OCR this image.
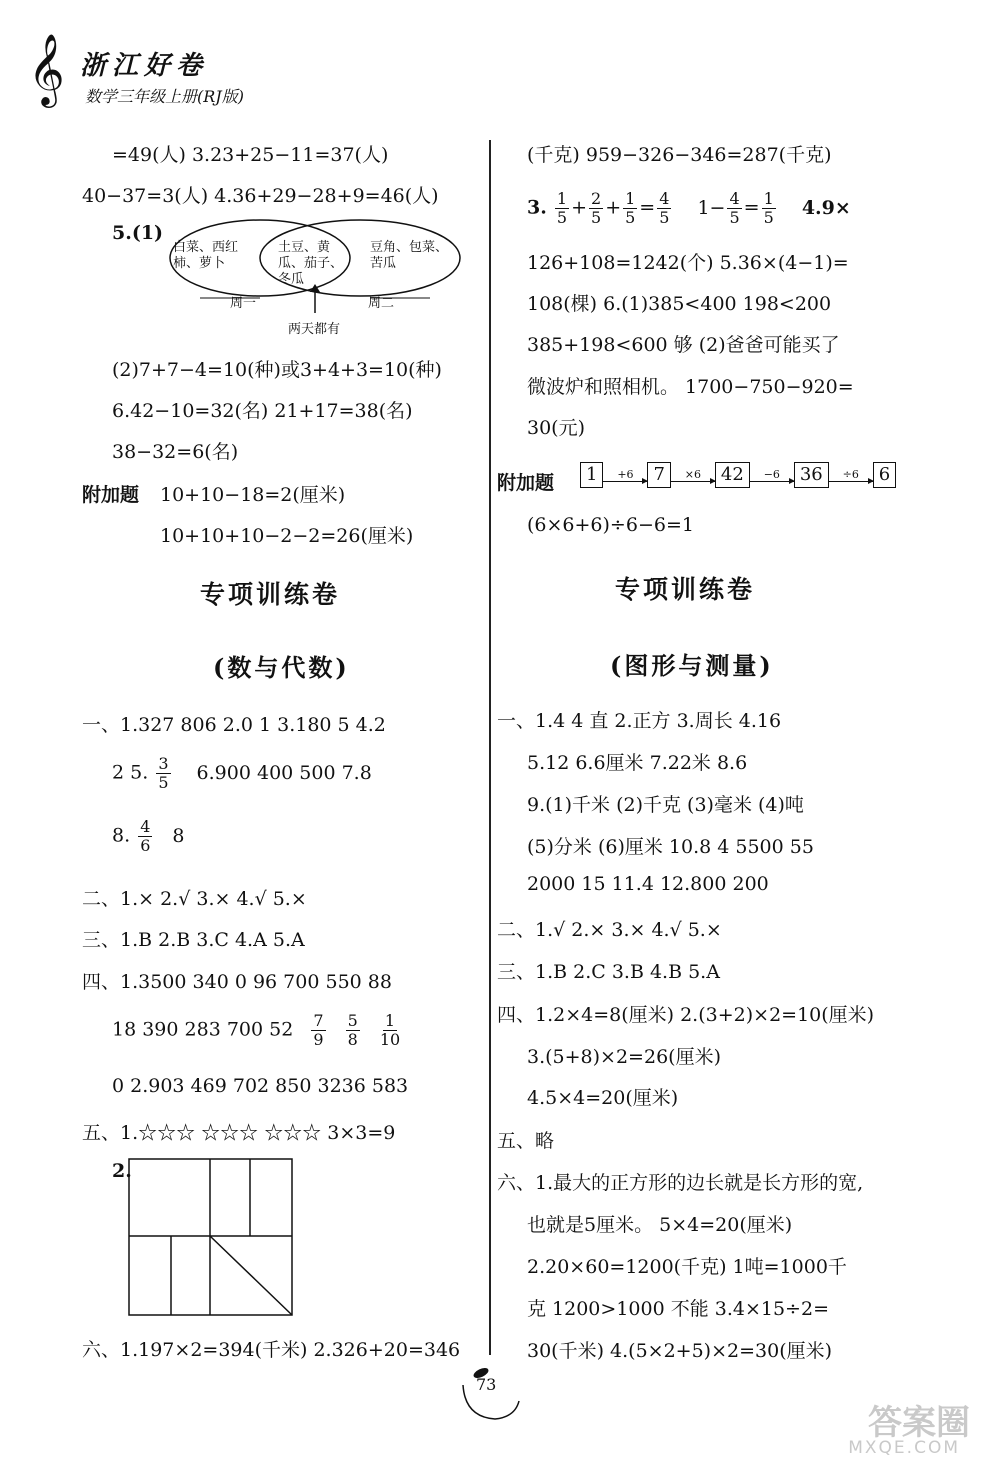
𝄞 浙江好卷
数学三年级上册(RJ版)
=49(人) 3.23+25−11=37(人)
40−37=3(人) 4.36+29−28+9=46(人)
5.(1)
白菜、西红柿、萝卜
土豆、黄瓜、茄子、冬瓜
豆角、包菜、苦瓜
周一	周二
两天都有
(2)7+7−4=10(种)或3+4+3=10(种)
6.42−10=32(名) 21+17=38(名)
38−32=6(名)
附加题 10+10−18=2(厘米)
10+10+10−2−2=26(厘米)
专项训练卷
(数与代数)
一、1.327 806 2.0 1 3.180 5 4.2
2 5. $\frac{3}{5} 6.900$ 400 500 7.8
8. $\frac{4}{6} 8$
二、1.× 2.√ 3.× 4.√ 5.×
三、1.B 2.B 3.C 4.A 5.A
四、1.3500 340 0 96 700 550 88
18 390 283 700 $52 \frac{7}{9}$
$\frac{5}{8}$
$\frac{1}{10}$
0 2.903 469 702 850 3236 583
五、1.☆☆☆ ☆☆☆ ☆☆☆ 3×3=9
2.
六、1.197×2=394(千米) 2.326+20=346
(千克) 959−326−346=287(千克)
3. $\frac{1}{5} + \frac{2}{5} + \frac{1}{5} = \frac{4}{5} 1- \frac{4}{5} = \frac{1}{5} 4.9\times$
126+108=1242(个) 5.36×(4−1)=
108(棵) 6.(1)385<400 198<200
385+198<600 够 (2)爸爸可能买了
微波炉和照相机。 1700−750−920=
30(元)
附加题	1	+6	7	×6	42	−6	36	÷6	6
(6×6+6)÷6−6=1
专项训练卷
(图形与测量)
一、1.4 4 直 2.正方 3.周长 4.16
5.12 6.6厘米 7.22米 8.6
9.(1)千米 (2)千克 (3)毫米 (4)吨
(5)分米 (6)厘米 10.8 4 5500 55
2000 15 11.4 12.800 200
二、1.√ 2.× 3.× 4.√ 5.×
三、1.B 2.C 3.B 4.B 5.A
四、1.2×4=8(厘米) 2.(3+2)×2=10(厘米)
3.(5+8)×2=26(厘米)
4.5×4=20(厘米)
五、略
六、1.最大的正方形的边长就是长方形的宽,
也就是5厘米。 5×4=20(厘米)
2.20×60=1200(千克) 1吨=1000千
克 1200>1000 不能 3.4×15÷2=
30(千米) 4.(5×2+5)×2=30(厘米)
73
答案圈
MXQE.COM
